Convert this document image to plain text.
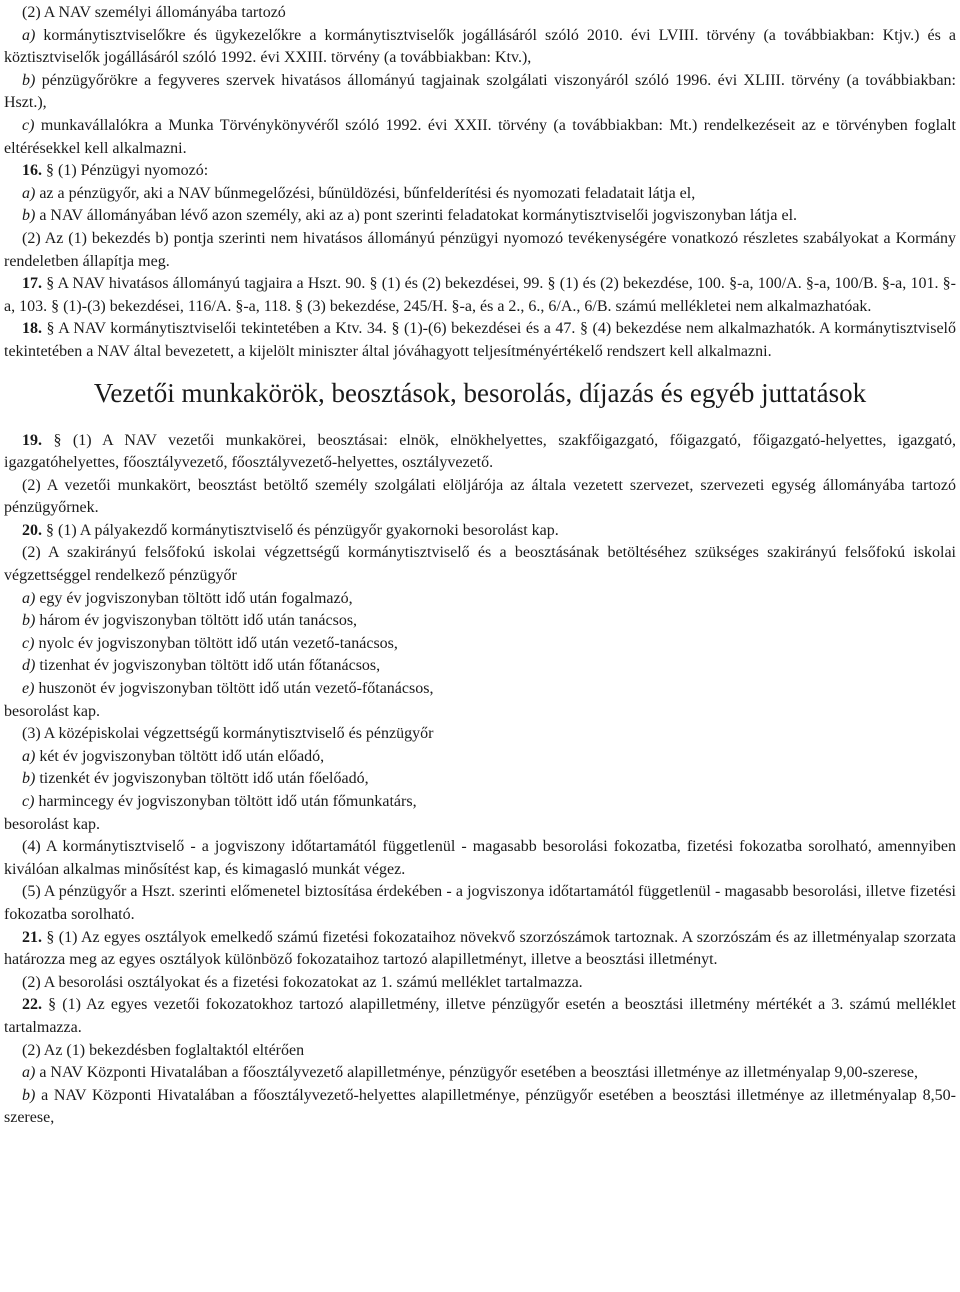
(2) A NAV személyi állományába tartozó

a) kormánytisztviselőkre és ügykezelőkre a kormánytisztviselők jogállásáról szóló 2010. évi LVIII. törvény (a továbbiakban: Ktjv.) és a köztisztviselők jogállásáról szóló 1992. évi XXIII. törvény (a továbbiakban: Ktv.),

b) pénzügyőrökre a fegyveres szervek hivatásos állományú tagjainak szolgálati viszonyáról szóló 1996. évi XLIII. törvény (a továbbiakban: Hszt.),

c) munkavállalókra a Munka Törvénykönyvéről szóló 1992. évi XXII. törvény (a továbbiakban: Mt.) rendelkezéseit az e törvényben foglalt eltérésekkel kell alkalmazni.

16. § (1) Pénzügyi nyomozó:

a) az a pénzügyőr, aki a NAV bűnmegelőzési, bűnüldözési, bűnfelderítési és nyomozati feladatait látja el,

b) a NAV állományában lévő azon személy, aki az a) pont szerinti feladatokat kormánytisztviselői jogviszonyban látja el.

(2) Az (1) bekezdés b) pontja szerinti nem hivatásos állományú pénzügyi nyomozó tevékenységére vonatkozó részletes szabályokat a Kormány rendeletben állapítja meg.

17. § A NAV hivatásos állományú tagjaira a Hszt. 90. § (1) és (2) bekezdései, 99. § (1) és (2) bekezdése, 100. §-a, 100/A. §-a, 100/B. §-a, 101. §-a, 103. § (1)-(3) bekezdései, 116/A. §-a, 118. § (3) bekezdése, 245/H. §-a, és a 2., 6., 6/A., 6/B. számú mellékletei nem alkalmazhatóak.

18. § A NAV kormánytisztviselői tekintetében a Ktv. 34. § (1)-(6) bekezdései és a 47. § (4) bekezdése nem alkalmazhatók. A kormánytisztviselő tekintetében a NAV által bevezetett, a kijelölt miniszter által jóváhagyott teljesítményértékelő rendszert kell alkalmazni.

Vezetői munkakörök, beosztások, besorolás, díjazás és egyéb juttatások

19. § (1) A NAV vezetői munkakörei, beosztásai: elnök, elnökhelyettes, szakfőigazgató, főigazgató, főigazgató-helyettes, igazgató, igazgatóhelyettes, főosztályvezető, főosztályvezető-helyettes, osztályvezető.

(2) A vezetői munkakört, beosztást betöltő személy szolgálati elöljárója az általa vezetett szervezet, szervezeti egység állományába tartozó pénzügyőrnek.

20. § (1) A pályakezdő kormánytisztviselő és pénzügyőr gyakornoki besorolást kap.

(2) A szakirányú felsőfokú iskolai végzettségű kormánytisztviselő és a beosztásának betöltéséhez szükséges szakirányú felsőfokú iskolai végzettséggel rendelkező pénzügyőr

a) egy év jogviszonyban töltött idő után fogalmazó,

b) három év jogviszonyban töltött idő után tanácsos,

c) nyolc év jogviszonyban töltött idő után vezető-tanácsos,

d) tizenhat év jogviszonyban töltött idő után főtanácsos,

e) huszonöt év jogviszonyban töltött idő után vezető-főtanácsos,

besorolást kap.

(3) A középiskolai végzettségű kormánytisztviselő és pénzügyőr

a) két év jogviszonyban töltött idő után előadó,

b) tizenkét év jogviszonyban töltött idő után főelőadó,

c) harmincegy év jogviszonyban töltött idő után főmunkatárs,

besorolást kap.

(4) A kormánytisztviselő - a jogviszony időtartamától függetlenül - magasabb besorolási fokozatba, fizetési fokozatba sorolható, amennyiben kiválóan alkalmas minősítést kap, és kimagasló munkát végez.

(5) A pénzügyőr a Hszt. szerinti előmenetel biztosítása érdekében - a jogviszonya időtartamától függetlenül - magasabb besorolási, illetve fizetési fokozatba sorolható.

21. § (1) Az egyes osztályok emelkedő számú fizetési fokozataihoz növekvő szorzószámok tartoznak. A szorzószám és az illetményalap szorzata határozza meg az egyes osztályok különböző fokozataihoz tartozó alapilletményt, illetve a beosztási illetményt.

(2) A besorolási osztályokat és a fizetési fokozatokat az 1. számú melléklet tartalmazza.

22. § (1) Az egyes vezetői fokozatokhoz tartozó alapilletmény, illetve pénzügyőr esetén a beosztási illetmény mértékét a 3. számú melléklet tartalmazza.

(2) Az (1) bekezdésben foglaltaktól eltérően

a) a NAV Központi Hivatalában a főosztályvezető alapilletménye, pénzügyőr esetében a beosztási illetménye az illetményalap 9,00-szerese,

b) a NAV Központi Hivatalában a főosztályvezető-helyettes alapilletménye, pénzügyőr esetében a beosztási illetménye az illetményalap 8,50-szerese,
